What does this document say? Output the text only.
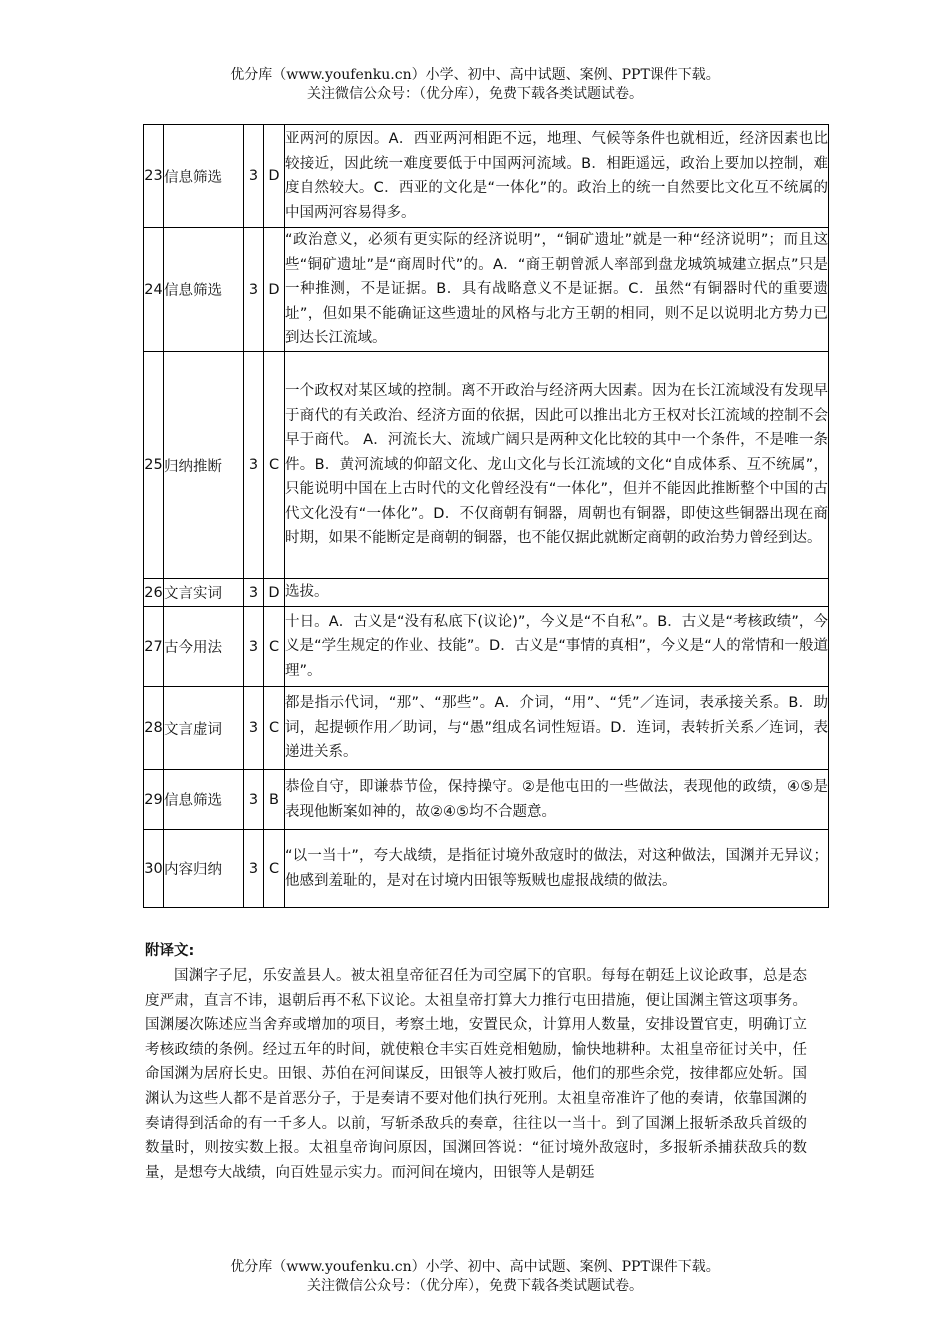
优分库（www.youfenku.cn）小学、初中、高中试题、案例、PPT课件下载。
关注微信公众号：（优分库），免费下载各类试题试卷。
23	信息筛选	3	D	亚两河的原因。A．西亚两河相距不远，地理、气候等条件也就相近，经济因素也比较接近，因此统一难度要低于中国两河流域。B．相距遥远，政治上要加以控制，难度自然较大。C．西亚的文化是“一体化”的。政治上的统一自然要比文化互不统属的中国两河容易得多。
24	信息筛选	3	D	“政治意义，必须有更实际的经济说明”，“铜矿遗址”就是一种“经济说明”；而且这些“铜矿遗址”是“商周时代”的。A．“商王朝曾派人率部到盘龙城筑城建立据点”只是一种推测，不是证据。B．具有战略意义不是证据。C．虽然“有铜器时代的重要遗址”，但如果不能确证这些遗址的风格与北方王朝的相同，则不足以说明北方势力已到达长江流域。
25	归纳推断	3	C	一个政权对某区域的控制。离不开政治与经济两大因素。因为在长江流域没有发现早于商代的有关政治、经济方面的依据，因此可以推出北方王权对长江流域的控制不会早于商代。 A．河流长大、流域广阔只是两种文化比较的其中一个条件，不是唯一条件。B．黄河流域的仰韶文化、龙山文化与长江流域的文化“自成体系、互不统属”，只能说明中国在上古时代的文化曾经没有“一体化”，但并不能因此推断整个中国的古代文化没有“一体化”。D．不仅商朝有铜器，周朝也有铜器，即使这些铜器出现在商时期，如果不能断定是商朝的铜器，也不能仅据此就断定商朝的政治势力曾经到达。
26	文言实词	3	D	选拔。
27	古今用法	3	C	十日。A．古义是“没有私底下(议论)”，今义是“不自私”。B．古义是“考核政绩”，今义是“学生规定的作业、技能”。D．古义是“事情的真相”，今义是“人的常情和一般道理”。
28	文言虚词	3	C	都是指示代词，“那”、“那些”。A．介词，“用”、“凭”／连词，表承接关系。B．助词，起提顿作用／助词，与“愚”组成名词性短语。D．连词，表转折关系／连词，表递进关系。
29	信息筛选	3	B	恭俭自守，即谦恭节俭，保持操守。②是他屯田的一些做法，表现他的政绩，④⑤是表现他断案如神的，故②④⑤均不合题意。
30	内容归纳	3	C	“以一当十”，夸大战绩，是指征讨境外敌寇时的做法，对这种做法，国渊并无异议；他感到羞耻的，是对在讨境内田银等叛贼也虚报战绩的做法。
附译文:
国渊字子尼，乐安盖县人。被太祖皇帝征召任为司空属下的官职。每每在朝廷上议论政事，总是态度严肃，直言不讳，退朝后再不私下议论。太祖皇帝打算大力推行屯田措施，便让国渊主管这项事务。国渊屡次陈述应当舍弃或增加的项目，考察土地，安置民众，计算用人数量，安排设置官吏，明确订立考核政绩的条例。经过五年的时间，就使粮仓丰实百姓竞相勉励，愉快地耕种。太祖皇帝征讨关中，任命国渊为居府长史。田银、苏伯在河间谋反，田银等人被打败后，他们的那些余党，按律都应处斩。国渊认为这些人都不是首恶分子，于是奏请不要对他们执行死刑。太祖皇帝准许了他的奏请，依靠国渊的奏请得到活命的有一千多人。以前，写斩杀敌兵的奏章，往往以一当十。到了国渊上报斩杀敌兵首级的数量时，则按实数上报。太祖皇帝询问原因，国渊回答说：“征讨境外敌寇时，多报斩杀捕获敌兵的数量，是想夸大战绩，向百姓显示实力。而河间在境内，田银等人是朝廷
优分库（www.youfenku.cn）小学、初中、高中试题、案例、PPT课件下载。
关注微信公众号：（优分库），免费下载各类试题试卷。
